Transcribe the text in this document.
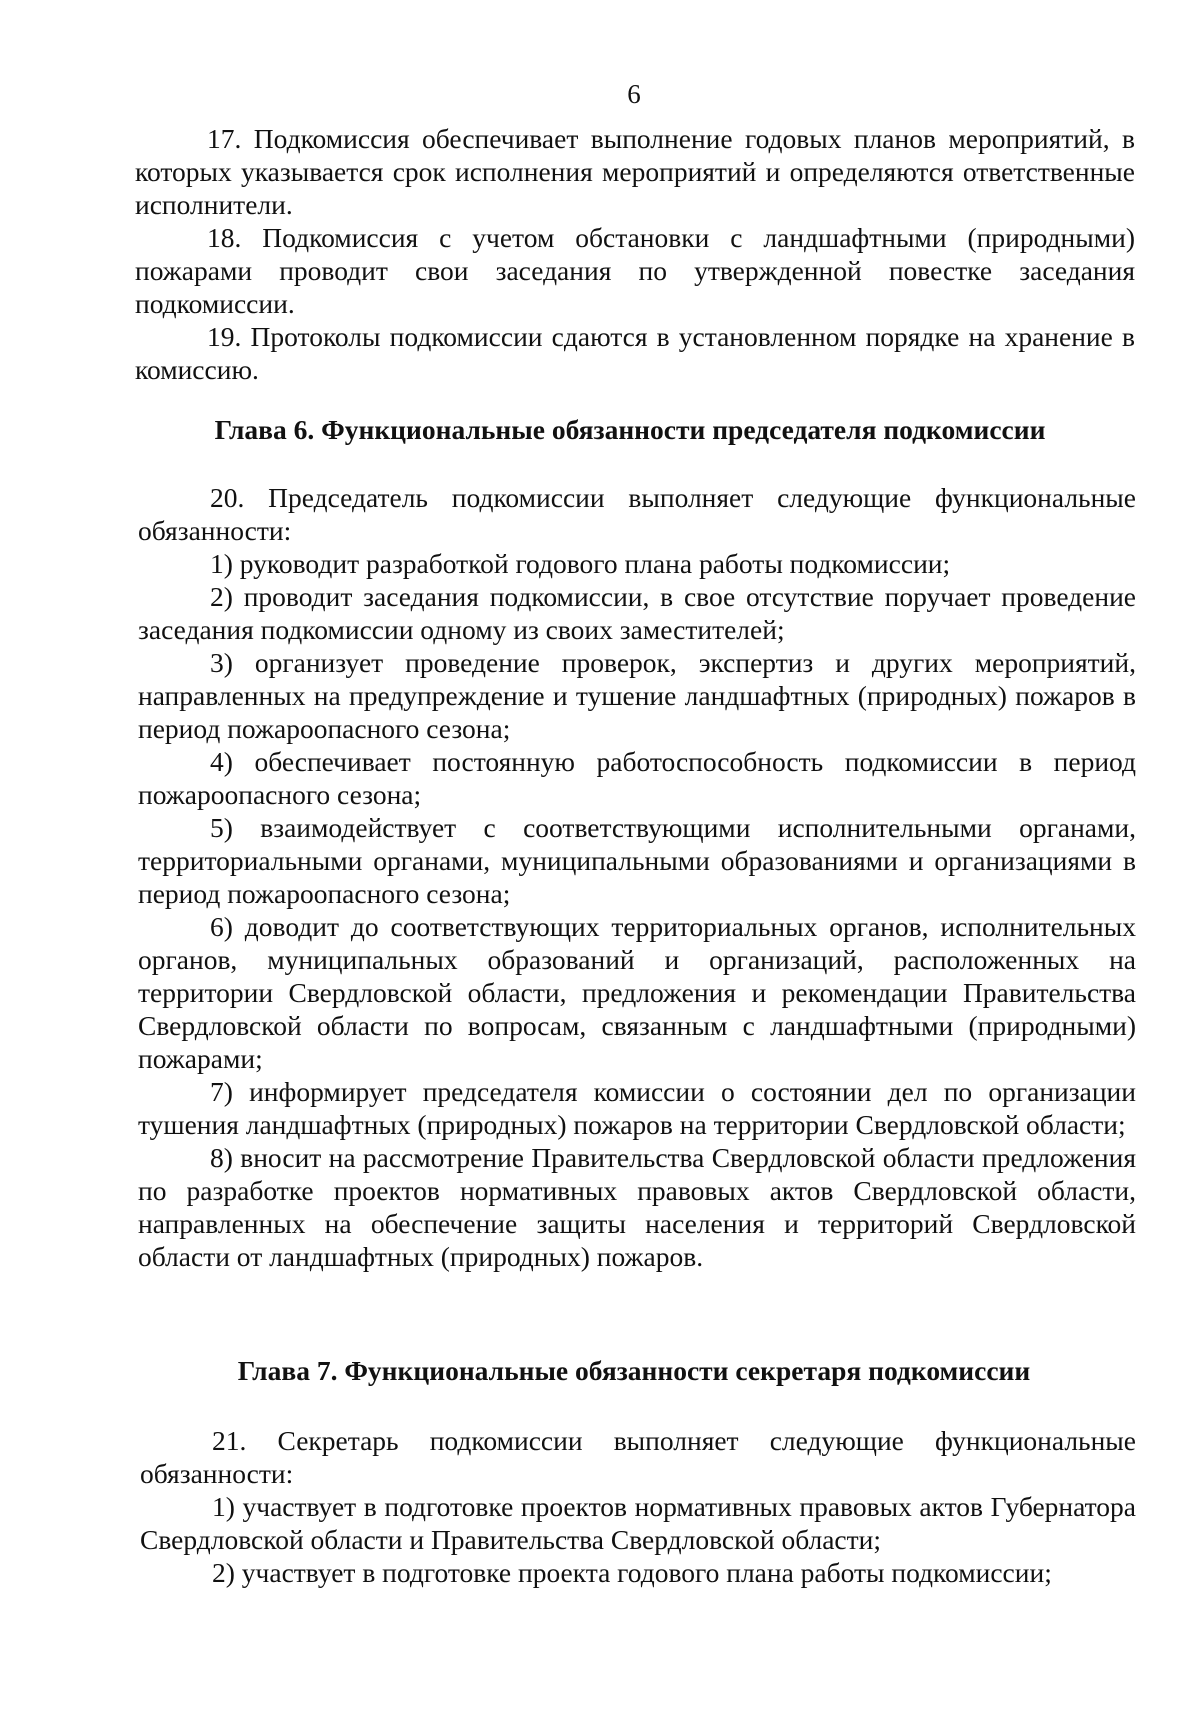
6

17. Подкомиссия обеспечивает выполнение годовых планов мероприятий, в которых указывается срок исполнения мероприятий и определяются ответственные исполнители.

18. Подкомиссия с учетом обстановки с ландшафтными (природными) пожарами проводит свои заседания по утвержденной повестке заседания подкомиссии.

19. Протоколы подкомиссии сдаются в установленном порядке на хранение в комиссию.

Глава 6. Функциональные обязанности председателя подкомиссии

20. Председатель подкомиссии выполняет следующие функциональные обязанности:

1) руководит разработкой годового плана работы подкомиссии;

2) проводит заседания подкомиссии, в свое отсутствие поручает проведение заседания подкомиссии одному из своих заместителей;

3) организует проведение проверок, экспертиз и других мероприятий, направленных на предупреждение и тушение ландшафтных (природных) пожаров в период пожароопасного сезона;

4) обеспечивает постоянную работоспособность подкомиссии в период пожароопасного сезона;

5) взаимодействует с соответствующими исполнительными органами, территориальными органами, муниципальными образованиями и организациями в период пожароопасного сезона;

6) доводит до соответствующих территориальных органов, исполнительных органов, муниципальных образований и организаций, расположенных на территории Свердловской области, предложения и рекомендации Правительства Свердловской области по вопросам, связанным с ландшафтными (природными) пожарами;

7) информирует председателя комиссии о состоянии дел по организации тушения ландшафтных (природных) пожаров на территории Свердловской области;

8) вносит на рассмотрение Правительства Свердловской области предложения по разработке проектов нормативных правовых актов Свердловской области, направленных на обеспечение защиты населения и территорий Свердловской области от ландшафтных (природных) пожаров.

Глава 7. Функциональные обязанности секретаря подкомиссии

21. Секретарь подкомиссии выполняет следующие функциональные обязанности:

1) участвует в подготовке проектов нормативных правовых актов Губернатора Свердловской области и Правительства Свердловской области;

2) участвует в подготовке проекта годового плана работы подкомиссии;
